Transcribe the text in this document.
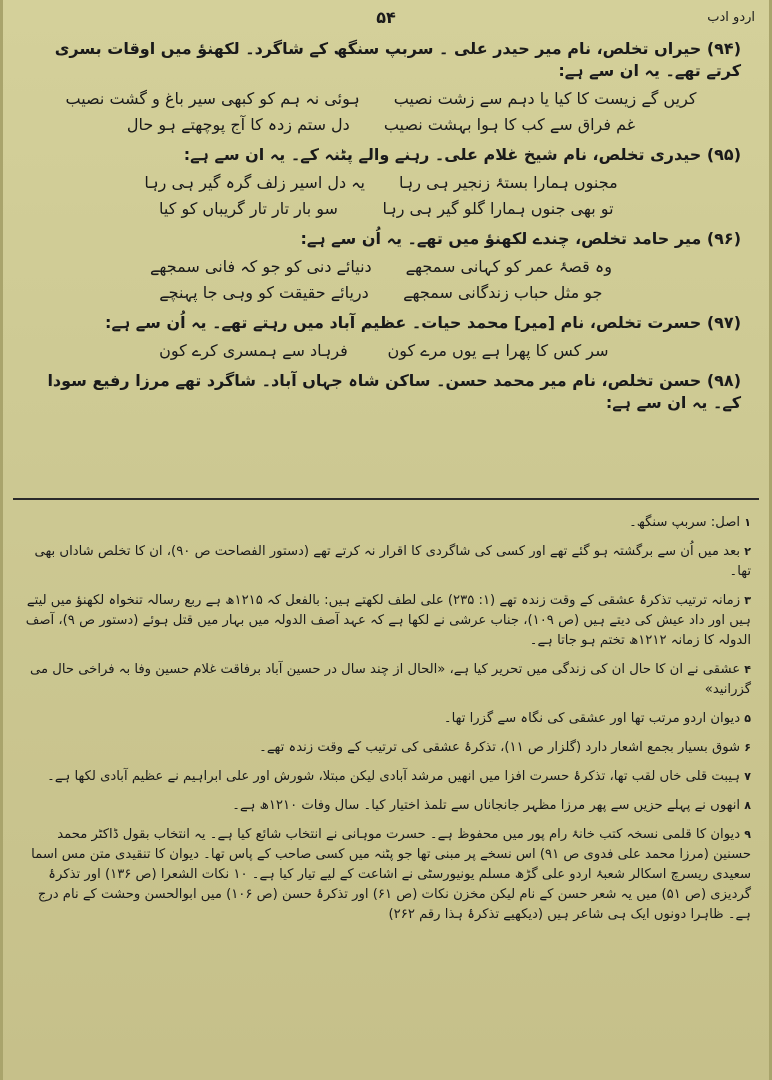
اردو ادب
۵۴
(۹۴) حیراں تخلص، نام میر حیدر علی ۔ سربپ سنگھ کے شاگرد۔ لکھنؤ میں اوقات بسری کرتے تھے۔ یہ ان سے ہے:
ہوئی نہ ہم کو کبھی سیر باغ و گشت نصیب کریں گے زیست کا کیا یا دہم سے زشت نصیب
دل ستم زدہ کا آج پوچھتے ہو حال غم فراق سے کب کا ہوا بہشت نصیب
(۹۵) حیدری تخلص، نام شیخ غلام علی۔ رہنے والے پٹنہ کے۔ یہ ان سے ہے:
یہ دل اسیر زلف گرہ گیر ہی رہا مجنوں ہمارا بستۂ زنجیر ہی رہا
سو بار تار تار گریباں کو کیا	تو بھی جنوں ہمارا گلو گیر ہی رہا
(۹۶) میر حامد تخلص، چندے لکھنؤ میں تھے۔ یہ اُن سے ہے:
دنیائے دنی کو جو کہ فانی سمجھے وہ قصۂ عمر کو کہانی سمجھے
دریائے حقیقت کو وہی جا پہنچے جو مثل حباب زندگانی سمجھے
(۹۷) حسرت تخلص، نام [میر] محمد حیات۔ عظیم آباد میں رہتے تھے۔ یہ اُن سے ہے:
فرہاد سے ہمسری کرے کون	سر کس کا پھرا ہے یوں مرے کون
(۹۸) حسن تخلص، نام میر محمد حسن۔ ساکن شاہ جہاں آباد۔ شاگرد تھے مرزا رفیع سودا کے۔ یہ ان سے ہے:
۱ اصل: سربپ سنگھ۔
۲ بعد میں اُن سے برگشتہ ہو گئے تھے اور کسی کی شاگردی کا اقرار نہ کرتے تھے (دستور الفصاحت ص ۹۰)، ان کا تخلص شاداں بھی تھا۔
۳ زمانہ ترتیب تذکرۂ عشقی کے وقت زندہ تھے (۱: ۲۳۵) علی لطف لکھتے ہیں: بالفعل کہ ۱۲۱۵ھ ہے ربع رسالہ تنخواہ لکھنؤ میں لیتے ہیں اور داد عیش کی دیتے ہیں (ص ۱۰۹)، جناب عرشی نے لکھا ہے کہ عہد آصف الدولہ میں بہار میں قتل ہوئے (دستور ص ۹)، آصف الدولہ کا زمانہ ۱۲۱۲ھ تختم ہو جاتا ہے۔
۴ عشقی نے ان کا حال ان کی زندگی میں تحریر کیا ہے، «الحال از چند سال در حسین آباد برفاقت غلام حسین وفا بہ فراخی حال می گزرانید»
۵ دیوان اردو مرتب تھا اور عشقی کی نگاہ سے گزرا تھا۔
۶ شوق بسیار بجمع اشعار دارد (گلزار ص ۱۱)، تذکرۂ عشقی کی ترتیب کے وقت زندہ تھے۔
۷ ہیبت قلی خاں لقب تھا، تذکرۂ حسرت افزا میں انھیں مرشد آبادی لیکن مبتلا، شورش اور علی ابراہیم نے عظیم آبادی لکھا ہے۔
۸ انھوں نے پہلے حزیں سے پھر مرزا مظہر جانجاناں سے تلمذ اختیار کیا۔ سال وفات ۱۲۱۰ھ ہے۔
۹ دیوان کا قلمی نسخہ کتب خانۂ رام پور میں محفوظ ہے۔ حسرت موہانی نے انتخاب شائع کیا ہے۔ یہ انتخاب بقول ڈاکٹر محمد حسنین (مرزا محمد علی فدوی ص ۹۱) اس نسخے پر مبنی تھا جو پٹنہ میں کسی صاحب کے پاس تھا۔ دیوان کا تنقیدی متن مس اسما سعیدی ریسرچ اسکالر شعبۂ اردو علی گڑھ مسلم یونیورسٹی نے اشاعت کے لیے تیار کیا ہے۔ ۱۰ نکات الشعرا (ص ۱۳۶) اور تذکرۂ گردیزی (ص ۵۱) میں یہ شعر حسن کے نام لیکن مخزن نکات (ص ۶۱) اور تذکرۂ حسن (ص ۱۰۶) میں ابوالحسن وحشت کے نام درج ہے۔ ظاہرا دونوں ایک ہی شاعر ہیں (دیکھیے تذکرۂ ہذا رقم ۲۶۲)
